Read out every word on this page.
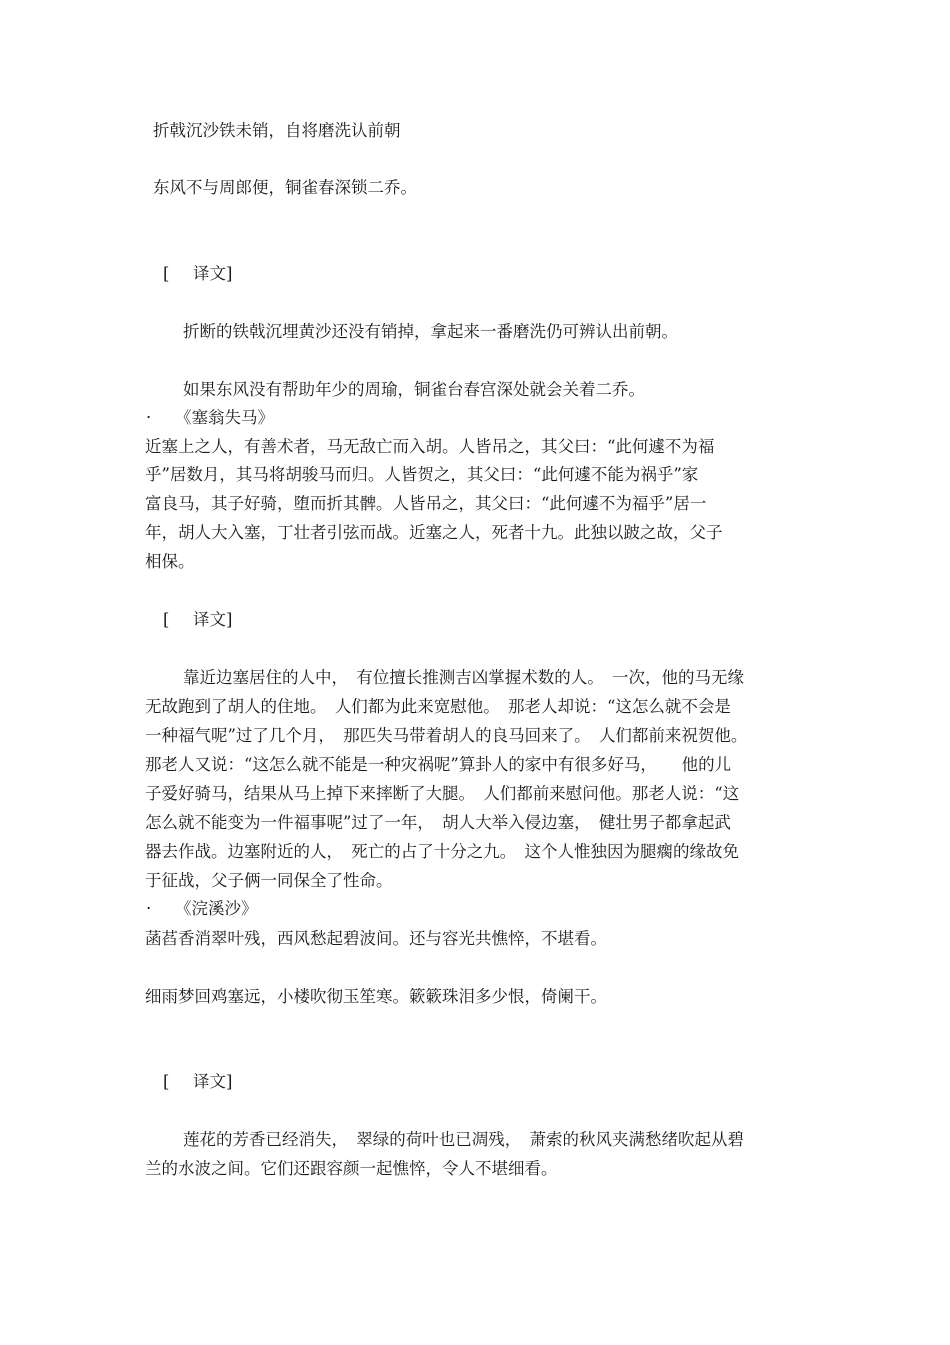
折戟沉沙铁未销，自将磨洗认前朝
东风不与周郎便，铜雀春深锁二乔。
[ 译文]
折断的铁戟沉埋黄沙还没有销掉，拿起来一番磨洗仍可辨认出前朝。
如果东风没有帮助年少的周瑜，铜雀台春宫深处就会关着二乔。
· 《塞翁失马》
近塞上之人，有善术者，马无敌亡而入胡。人皆吊之，其父曰：“此何遽不为福
乎”居数月，其马将胡骏马而归。人皆贺之，其父曰：“此何遽不能为祸乎”家
富良马，其子好骑，堕而折其髀。人皆吊之，其父曰：“此何遽不为福乎”居一
年，胡人大入塞，丁壮者引弦而战。近塞之人，死者十九。此独以跛之故，父子
相保。
[ 译文]
靠近边塞居住的人中，　有位擅长推测吉凶掌握术数的人。　一次，他的马无缘
无故跑到了胡人的住地。　人们都为此来宽慰他。　那老人却说：“这怎么就不会是
一种福气呢”过了几个月，　那匹失马带着胡人的良马回来了。　人们都前来祝贺他。
那老人又说：“这怎么就不能是一种灾祸呢”算卦人的家中有很多好马，　　他的儿
子爱好骑马，结果从马上掉下来摔断了大腿。　人们都前来慰问他。那老人说：“这
怎么就不能变为一件福事呢”过了一年，　胡人大举入侵边塞，　健壮男子都拿起武
器去作战。边塞附近的人，　死亡的占了十分之九。　这个人惟独因为腿瘸的缘故免
于征战，父子俩一同保全了性命。
· 《浣溪沙》
菡萏香消翠叶残，西风愁起碧波间。还与容光共憔悴，不堪看。
细雨梦回鸡塞远，小楼吹彻玉笙寒。簌簌珠泪多少恨，倚阑干。
[ 译文]
莲花的芳香已经消失，　翠绿的荷叶也已凋残，　萧索的秋风夹满愁绪吹起从碧
兰的水波之间。它们还跟容颜一起憔悴，令人不堪细看。
